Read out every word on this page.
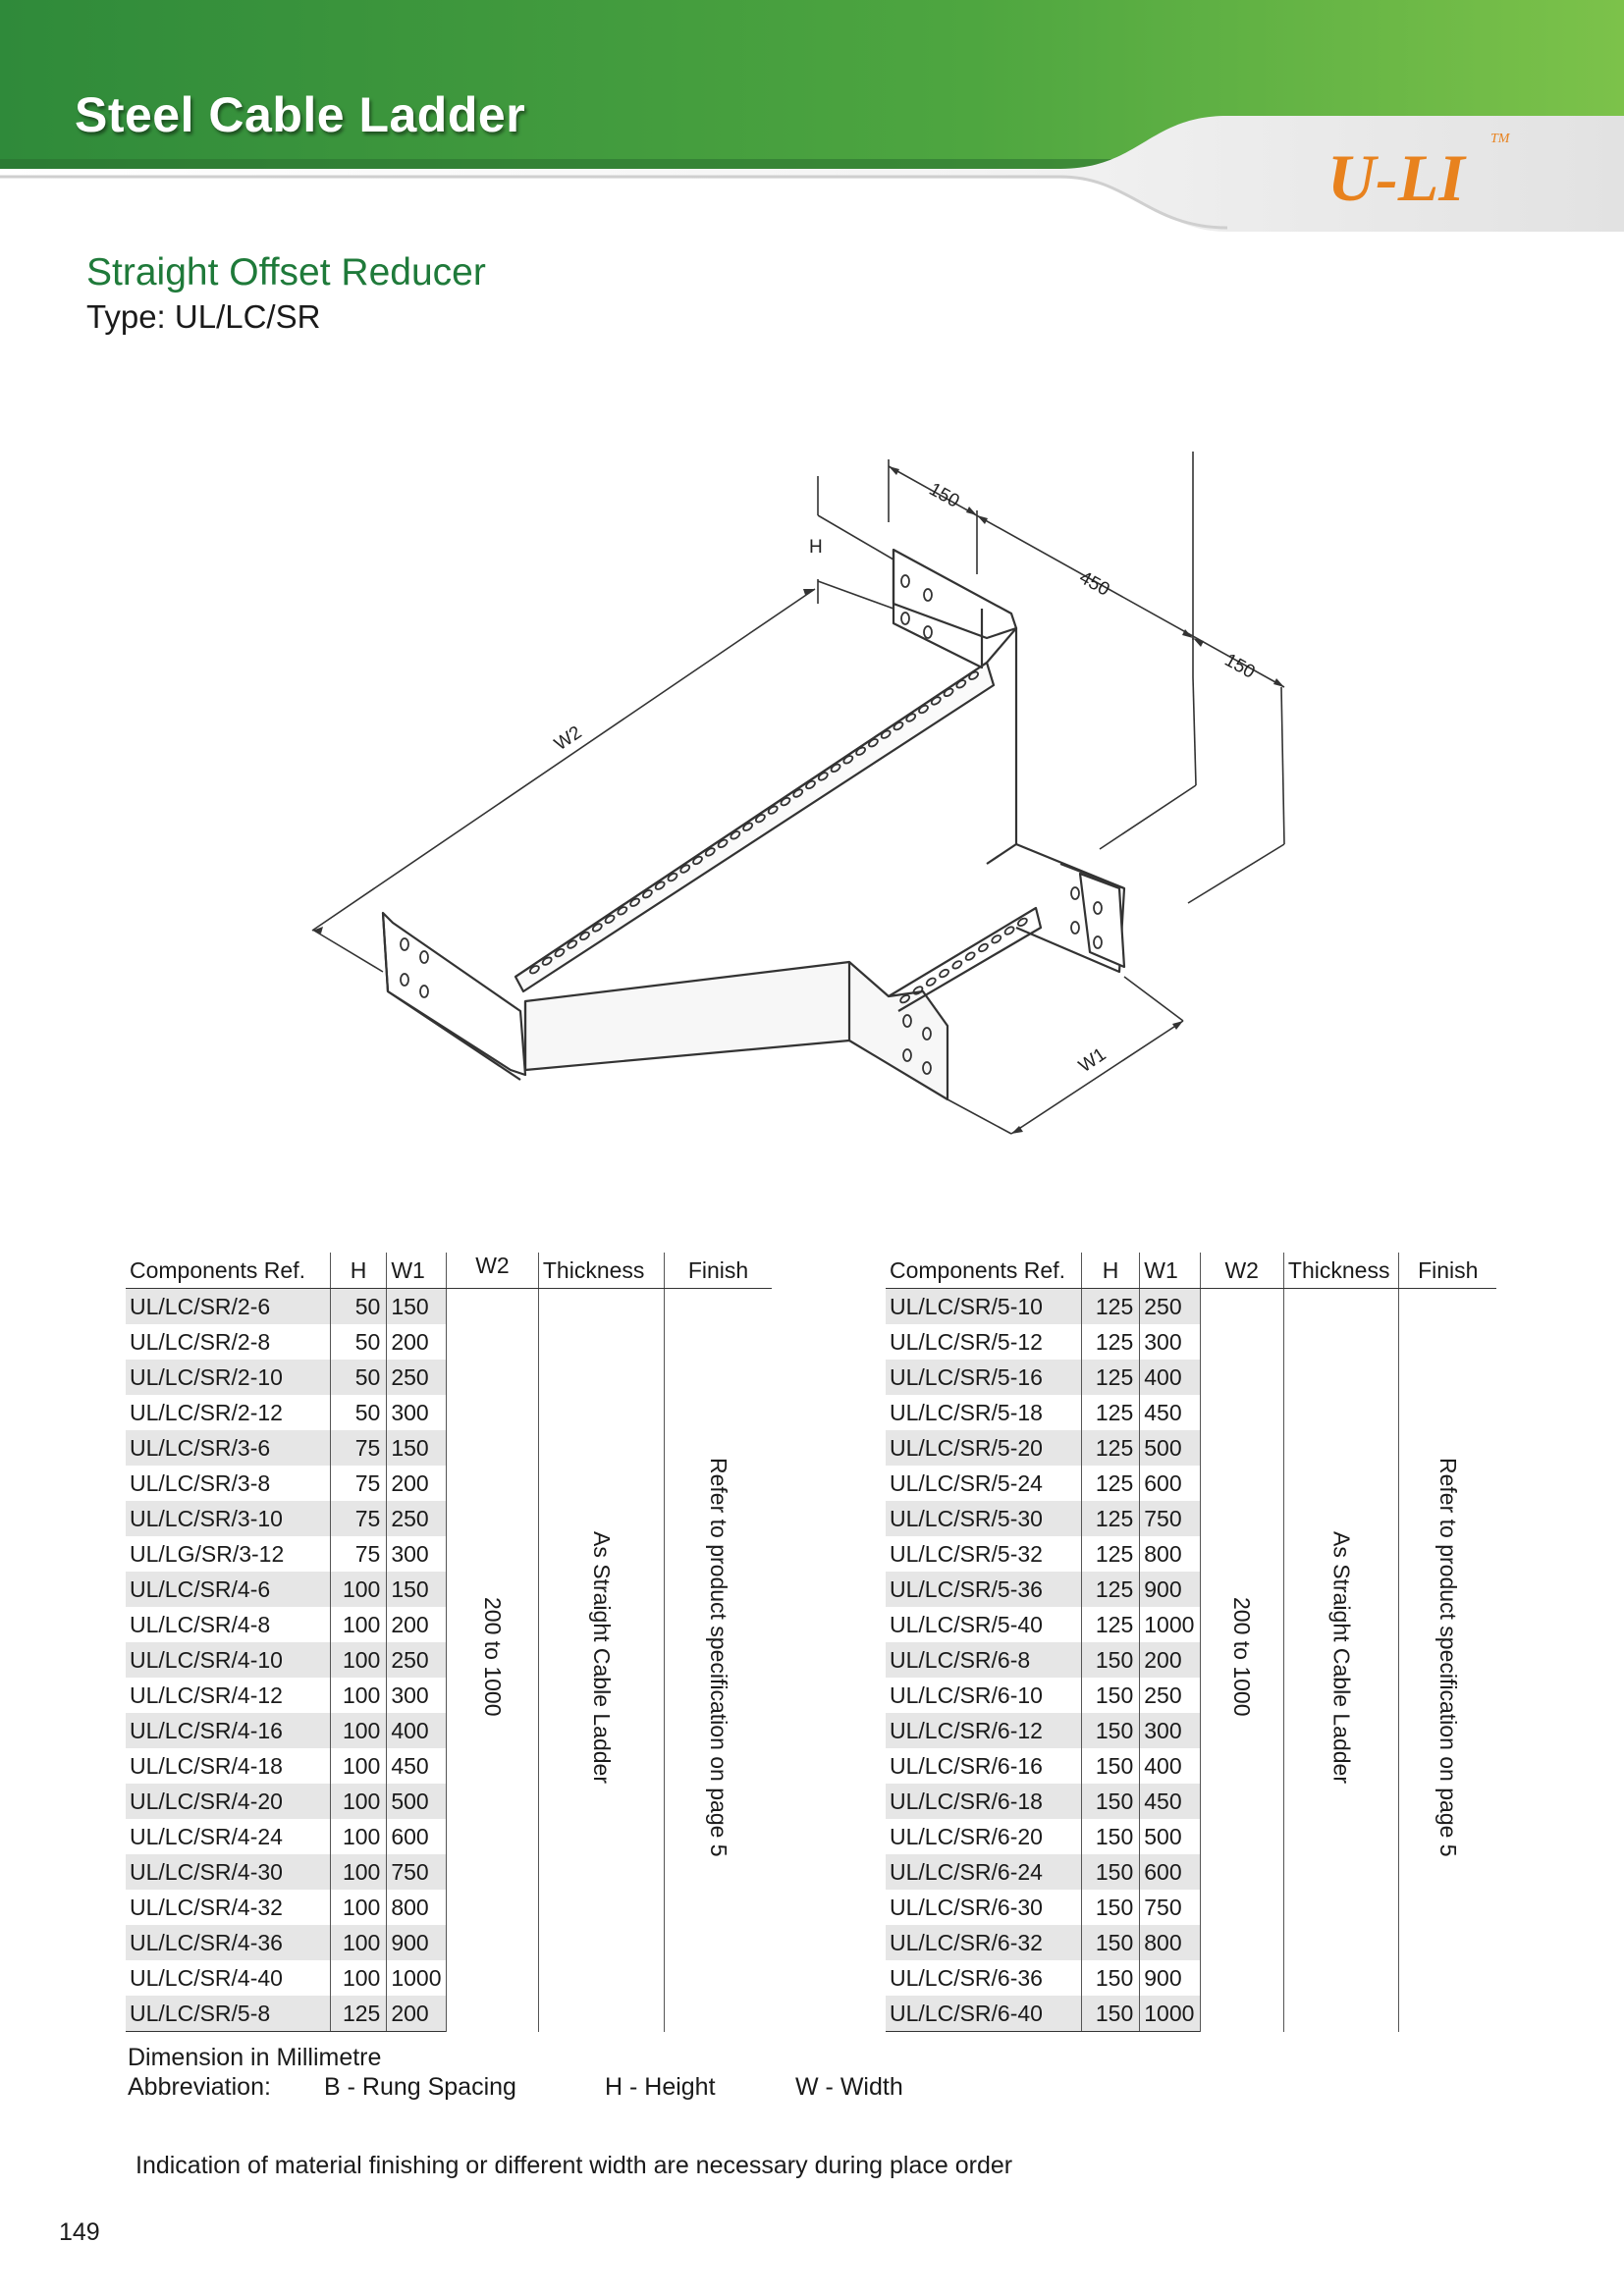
Steel Cable Ladder
U-LI
TM
Straight Offset Reducer
Type: UL/LC/SR
150
450
150
H
W2
W1
Components Ref.	H	W1	W2	Thickness	Finish
UL/LC/SR/2-6	50	150	200 to 1000	As Straight Cable Ladder	Refer to product specification on page 5
UL/LC/SR/2-8	50	200			
UL/LC/SR/2-10	50	250			
UL/LC/SR/2-12	50	300			
UL/LC/SR/3-6	75	150			
UL/LC/SR/3-8	75	200			
UL/LC/SR/3-10	75	250			
UL/LG/SR/3-12	75	300			
UL/LC/SR/4-6	100	150			
UL/LC/SR/4-8	100	200			
UL/LC/SR/4-10	100	250			
UL/LC/SR/4-12	100	300			
UL/LC/SR/4-16	100	400			
UL/LC/SR/4-18	100	450			
UL/LC/SR/4-20	100	500			
UL/LC/SR/4-24	100	600			
UL/LC/SR/4-30	100	750			
UL/LC/SR/4-32	100	800			
UL/LC/SR/4-36	100	900			
UL/LC/SR/4-40	100	1000			
UL/LC/SR/5-8	125	200			
Components Ref.	H	W1	W2	Thickness	Finish
UL/LC/SR/5-10	125	250	200 to 1000	As Straight Cable Ladder	Refer to product specification on page 5
UL/LC/SR/5-12	125	300			
UL/LC/SR/5-16	125	400			
UL/LC/SR/5-18	125	450			
UL/LC/SR/5-20	125	500			
UL/LC/SR/5-24	125	600			
UL/LC/SR/5-30	125	750			
UL/LC/SR/5-32	125	800			
UL/LC/SR/5-36	125	900			
UL/LC/SR/5-40	125	1000			
UL/LC/SR/6-8	150	200			
UL/LC/SR/6-10	150	250			
UL/LC/SR/6-12	150	300			
UL/LC/SR/6-16	150	400			
UL/LC/SR/6-18	150	450			
UL/LC/SR/6-20	150	500			
UL/LC/SR/6-24	150	600			
UL/LC/SR/6-30	150	750			
UL/LC/SR/6-32	150	800			
UL/LC/SR/6-36	150	900			
UL/LC/SR/6-40	150	1000			
Dimension in Millimetre
Abbreviation: B - Rung Spacing	H - Height	W - Width
Indication of material finishing or different width are necessary during place order
149
